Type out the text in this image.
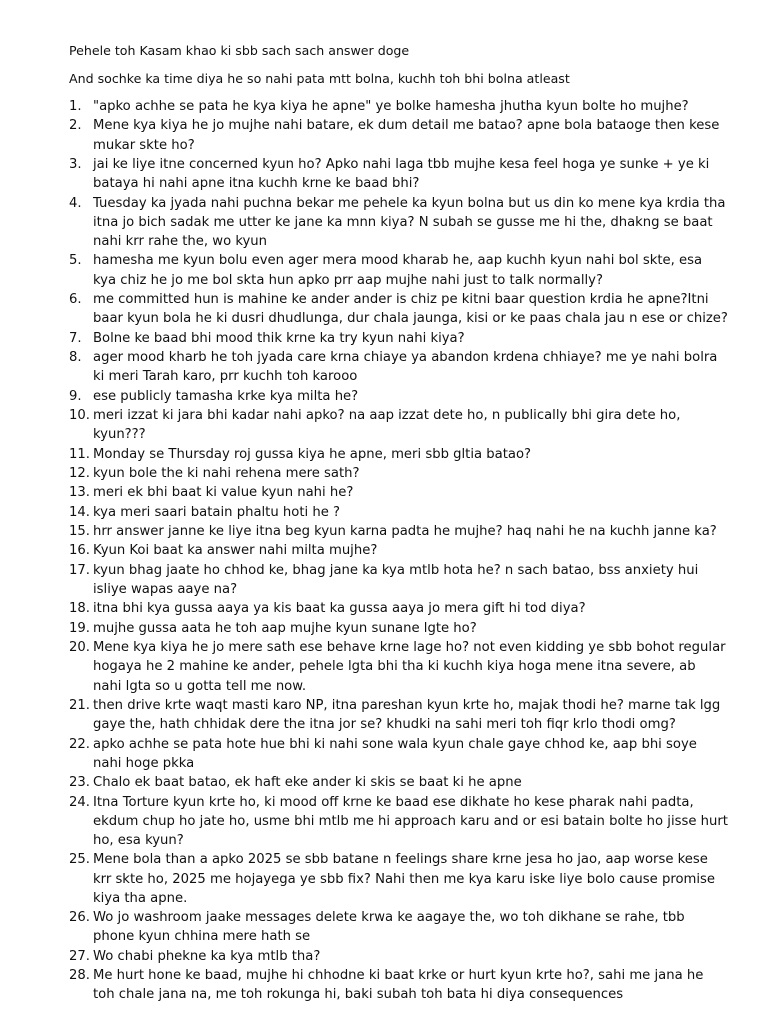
Pehele toh Kasam khao ki sbb sach sach answer doge

And sochke ka time diya he so nahi pata mtt bolna, kuchh toh bhi bolna atleast

1. "apko achhe se pata he kya kiya he apne" ye bolke hamesha jhutha kyun bolte ho mujhe?
2. Mene kya kiya he jo mujhe nahi batare, ek dum detail me batao? apne bola bataoge then kese mukar skte ho?
3. jai ke liye itne concerned kyun ho? Apko nahi laga tbb mujhe kesa feel hoga ye sunke + ye ki bataya hi nahi apne itna kuchh krne ke baad bhi?
4. Tuesday ka jyada nahi puchna bekar me pehele ka kyun bolna but us din ko mene kya krdia tha itna jo bich sadak me utter ke jane ka mnn kiya? N subah se gusse me hi the, dhakng se baat nahi krr rahe the, wo kyun
5. hamesha me kyun bolu even ager mera mood kharab he, aap kuchh kyun nahi bol skte, esa kya chiz he jo me bol skta hun apko prr aap mujhe nahi just to talk normally?
6. me committed hun is mahine ke ander ander is chiz pe kitni baar question krdia he apne?Itni baar kyun bola he ki dusri dhudlunga, dur chala jaunga, kisi or ke paas chala jau n ese or chize?
7. Bolne ke baad bhi mood thik krne ka try kyun nahi kiya?
8. ager mood kharb he toh jyada care krna chiaye ya abandon krdena chhiaye? me ye nahi bolra ki meri Tarah karo, prr kuchh toh karooo
9. ese publicly tamasha krke kya milta he?
10. meri izzat ki jara bhi kadar nahi apko? na aap izzat dete ho, n publically bhi gira dete ho, kyun???
11. Monday se Thursday roj gussa kiya he apne, meri sbb gltia batao?
12. kyun bole the ki nahi rehena mere sath?
13. meri ek bhi baat ki value kyun nahi he?
14. kya meri saari batain phaltu hoti he ?
15. hrr answer janne ke liye itna beg kyun karna padta he mujhe? haq nahi he na kuchh janne ka?
16. Kyun Koi baat ka answer nahi milta mujhe?
17. kyun bhag jaate ho chhod ke, bhag jane ka kya mtlb hota he? n sach batao, bss anxiety hui isliye wapas aaye na?
18. itna bhi kya gussa aaya ya kis baat ka gussa aaya jo mera gift hi tod diya?
19. mujhe gussa aata he toh aap mujhe kyun sunane lgte ho?
20. Mene kya kiya he jo mere sath ese behave krne lage ho? not even kidding ye sbb bohot regular hogaya he 2 mahine ke ander, pehele lgta bhi tha ki kuchh kiya hoga mene itna severe, ab nahi lgta so u gotta tell me now.
21. then drive krte waqt masti karo NP, itna pareshan kyun krte ho, majak thodi he? marne tak lgg gaye the, hath chhidak dere the itna jor se? khudki na sahi meri toh fiqr krlo thodi omg?
22. apko achhe se pata hote hue bhi ki nahi sone wala kyun chale gaye chhod ke, aap bhi soye nahi hoge pkka
23. Chalo ek baat batao, ek haft eke ander ki skis se baat ki he apne
24. Itna Torture kyun krte ho, ki mood off krne ke baad ese dikhate ho kese pharak nahi padta, ekdum chup ho jate ho, usme bhi mtlb me hi approach karu and or esi batain bolte ho jisse hurt ho, esa kyun?
25. Mene bola than a apko 2025 se sbb batane n feelings share krne jesa ho jao, aap worse kese krr skte ho, 2025 me hojayega ye sbb fix? Nahi then me kya karu iske liye bolo cause promise kiya tha apne.
26. Wo jo washroom jaake messages delete krwa ke aagaye the, wo toh dikhane se rahe, tbb phone kyun chhina mere hath se
27. Wo chabi phekne ka kya mtlb tha?
28. Me hurt hone ke baad, mujhe hi chhodne ki baat krke or hurt kyun krte ho?, sahi me jana he toh chale jana na, me toh rokunga hi, baki subah toh bata hi diya consequences
